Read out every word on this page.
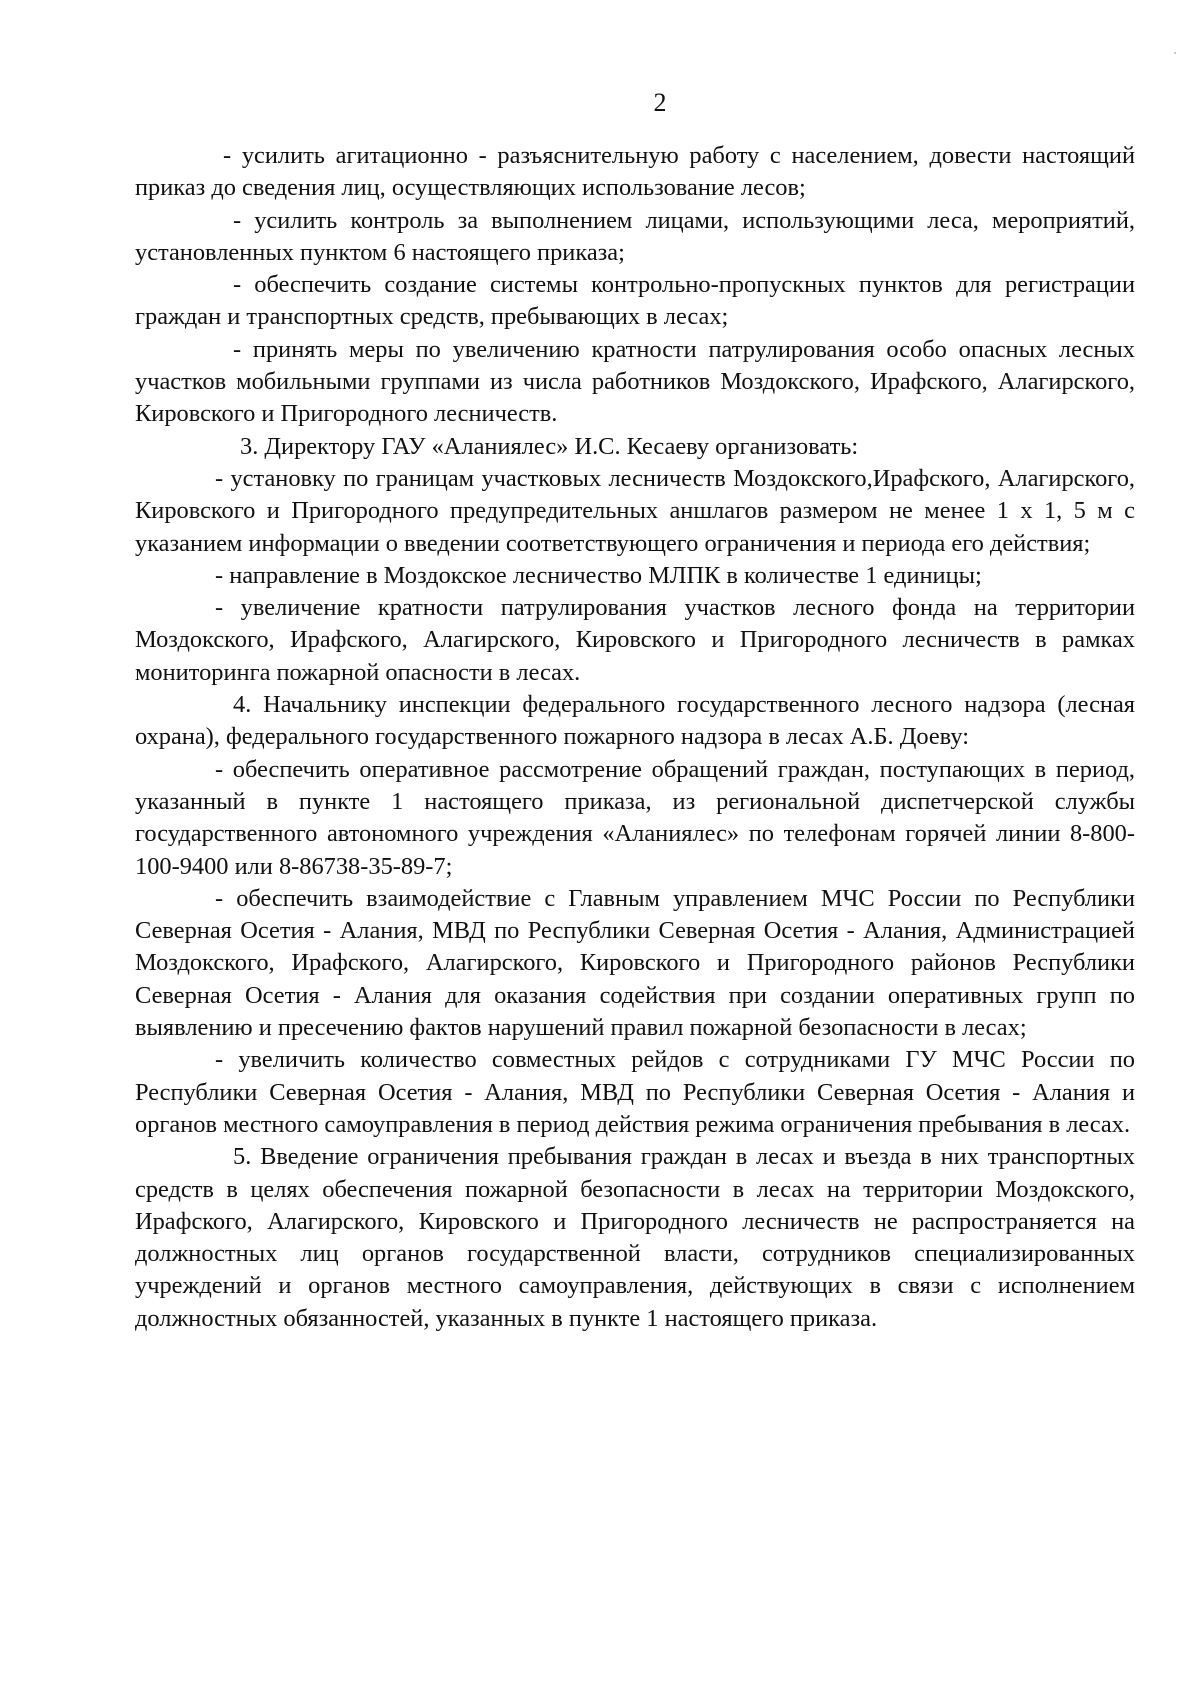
2

- усилить агитационно - разъяснительную работу с населением, довести настоящий приказ до сведения лиц, осуществляющих использование лесов;

- усилить контроль за выполнением лицами, использующими леса, мероприятий, установленных пунктом 6 настоящего приказа;

- обеспечить создание системы контрольно-пропускных пунктов для регистрации граждан и транспортных средств, пребывающих в лесах;

- принять меры по увеличению кратности патрулирования особо опасных лесных участков мобильными группами из числа работников Моздокского, Ирафского, Алагирского, Кировского и Пригородного лесничеств.

3. Директору ГАУ «Аланиялес» И.С. Кесаеву организовать:

- установку по границам участковых лесничеств Моздокского,Ирафского, Алагирского, Кировского и Пригородного предупредительных аншлагов размером не менее 1 х 1, 5 м с указанием информации о введении соответствующего ограничения и периода его действия;

- направление в Моздокское лесничество МЛПК в количестве 1 единицы;

- увеличение кратности патрулирования участков лесного фонда на территории Моздокского, Ирафского, Алагирского, Кировского и Пригородного лесничеств в рамках мониторинга пожарной опасности в лесах.

4. Начальнику инспекции федерального государственного лесного надзора (лесная охрана), федерального государственного пожарного надзора в лесах А.Б. Доеву:

- обеспечить оперативное рассмотрение обращений граждан, поступающих в период, указанный в пункте 1 настоящего приказа, из региональной диспетчерской службы государственного автономного учреждения «Аланиялес» по телефонам горячей линии 8-800-100-9400 или 8-86738-35-89-7;

- обеспечить взаимодействие с Главным управлением МЧС России по Республики Северная Осетия - Алания, МВД по Республики Северная Осетия - Алания, Администрацией Моздокского, Ирафского, Алагирского, Кировского и Пригородного районов Республики Северная Осетия - Алания для оказания содействия при создании оперативных групп по выявлению и пресечению фактов нарушений правил пожарной безопасности в лесах;

- увеличить количество совместных рейдов с сотрудниками ГУ МЧС России по Республики Северная Осетия - Алания, МВД по Республики Северная Осетия - Алания и органов местного самоуправления в период действия режима ограничения пребывания в лесах.

5. Введение ограничения пребывания граждан в лесах и въезда в них транспортных средств в целях обеспечения пожарной безопасности в лесах на территории Моздокского, Ирафского, Алагирского, Кировского и Пригородного лесничеств не распространяется на должностных лиц органов государственной власти, сотрудников специализированных учреждений и органов местного самоуправления, действующих в связи с исполнением должностных обязанностей, указанных в пункте 1 настоящего приказа.
